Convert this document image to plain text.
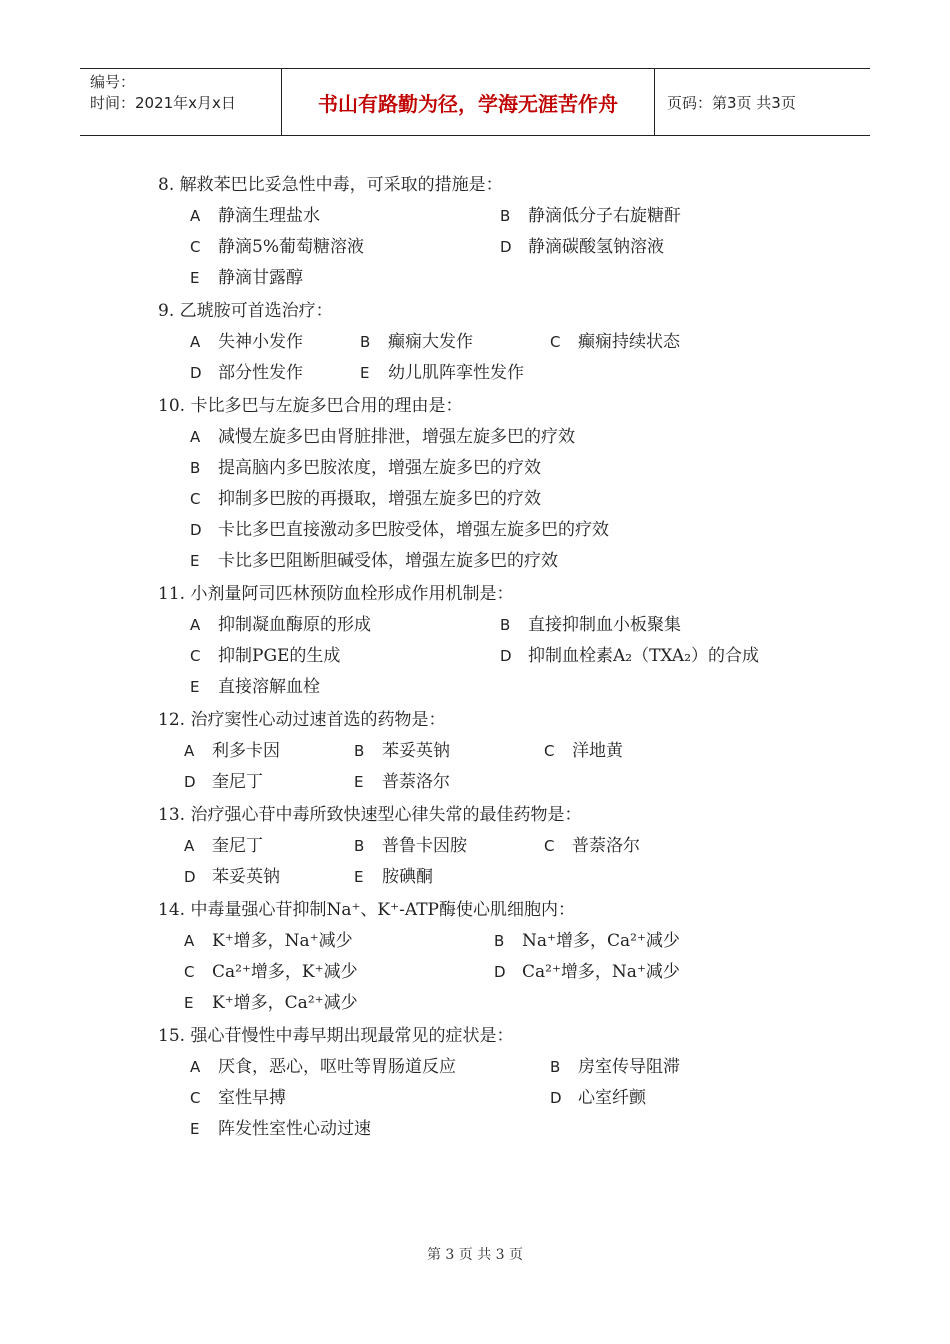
编号：
时间：2021年x月x日	书山有路勤为径，学海无涯苦作舟	页码：第3页 共3页
8. 解救苯巴比妥急性中毒，可采取的措施是：
A 静滴生理盐水	B 静滴低分子右旋糖酐
C 静滴5%葡萄糖溶液	D 静滴碳酸氢钠溶液
E 静滴甘露醇
9. 乙琥胺可首选治疗：
A 失神小发作	B 癫痫大发作	C 癫痫持续状态
D 部分性发作	E 幼儿肌阵挛性发作
10. 卡比多巴与左旋多巴合用的理由是：
A 减慢左旋多巴由肾脏排泄，增强左旋多巴的疗效
B 提高脑内多巴胺浓度，增强左旋多巴的疗效
C 抑制多巴胺的再摄取，增强左旋多巴的疗效
D 卡比多巴直接激动多巴胺受体，增强左旋多巴的疗效
E 卡比多巴阻断胆碱受体，增强左旋多巴的疗效
11. 小剂量阿司匹林预防血栓形成作用机制是：
A 抑制凝血酶原的形成	B 直接抑制血小板聚集
C 抑制PGE的生成	D 抑制血栓素A₂（TXA₂）的合成
E 直接溶解血栓
12. 治疗窦性心动过速首选的药物是：
A 利多卡因	B 苯妥英钠	C 洋地黄
D 奎尼丁	E 普萘洛尔
13. 治疗强心苷中毒所致快速型心律失常的最佳药物是：
A 奎尼丁	B 普鲁卡因胺	C 普萘洛尔
D 苯妥英钠	E 胺碘酮
14. 中毒量强心苷抑制Na⁺、K⁺-ATP酶使心肌细胞内：
A K⁺增多，Na⁺减少	B Na⁺增多，Ca²⁺减少
C Ca²⁺增多，K⁺减少	D Ca²⁺增多，Na⁺减少
E K⁺增多，Ca²⁺减少
15. 强心苷慢性中毒早期出现最常见的症状是：
A 厌食，恶心，呕吐等胃肠道反应	B 房室传导阻滞
C 室性早搏	D 心室纤颤
E 阵发性室性心动过速
第 3 页 共 3 页
